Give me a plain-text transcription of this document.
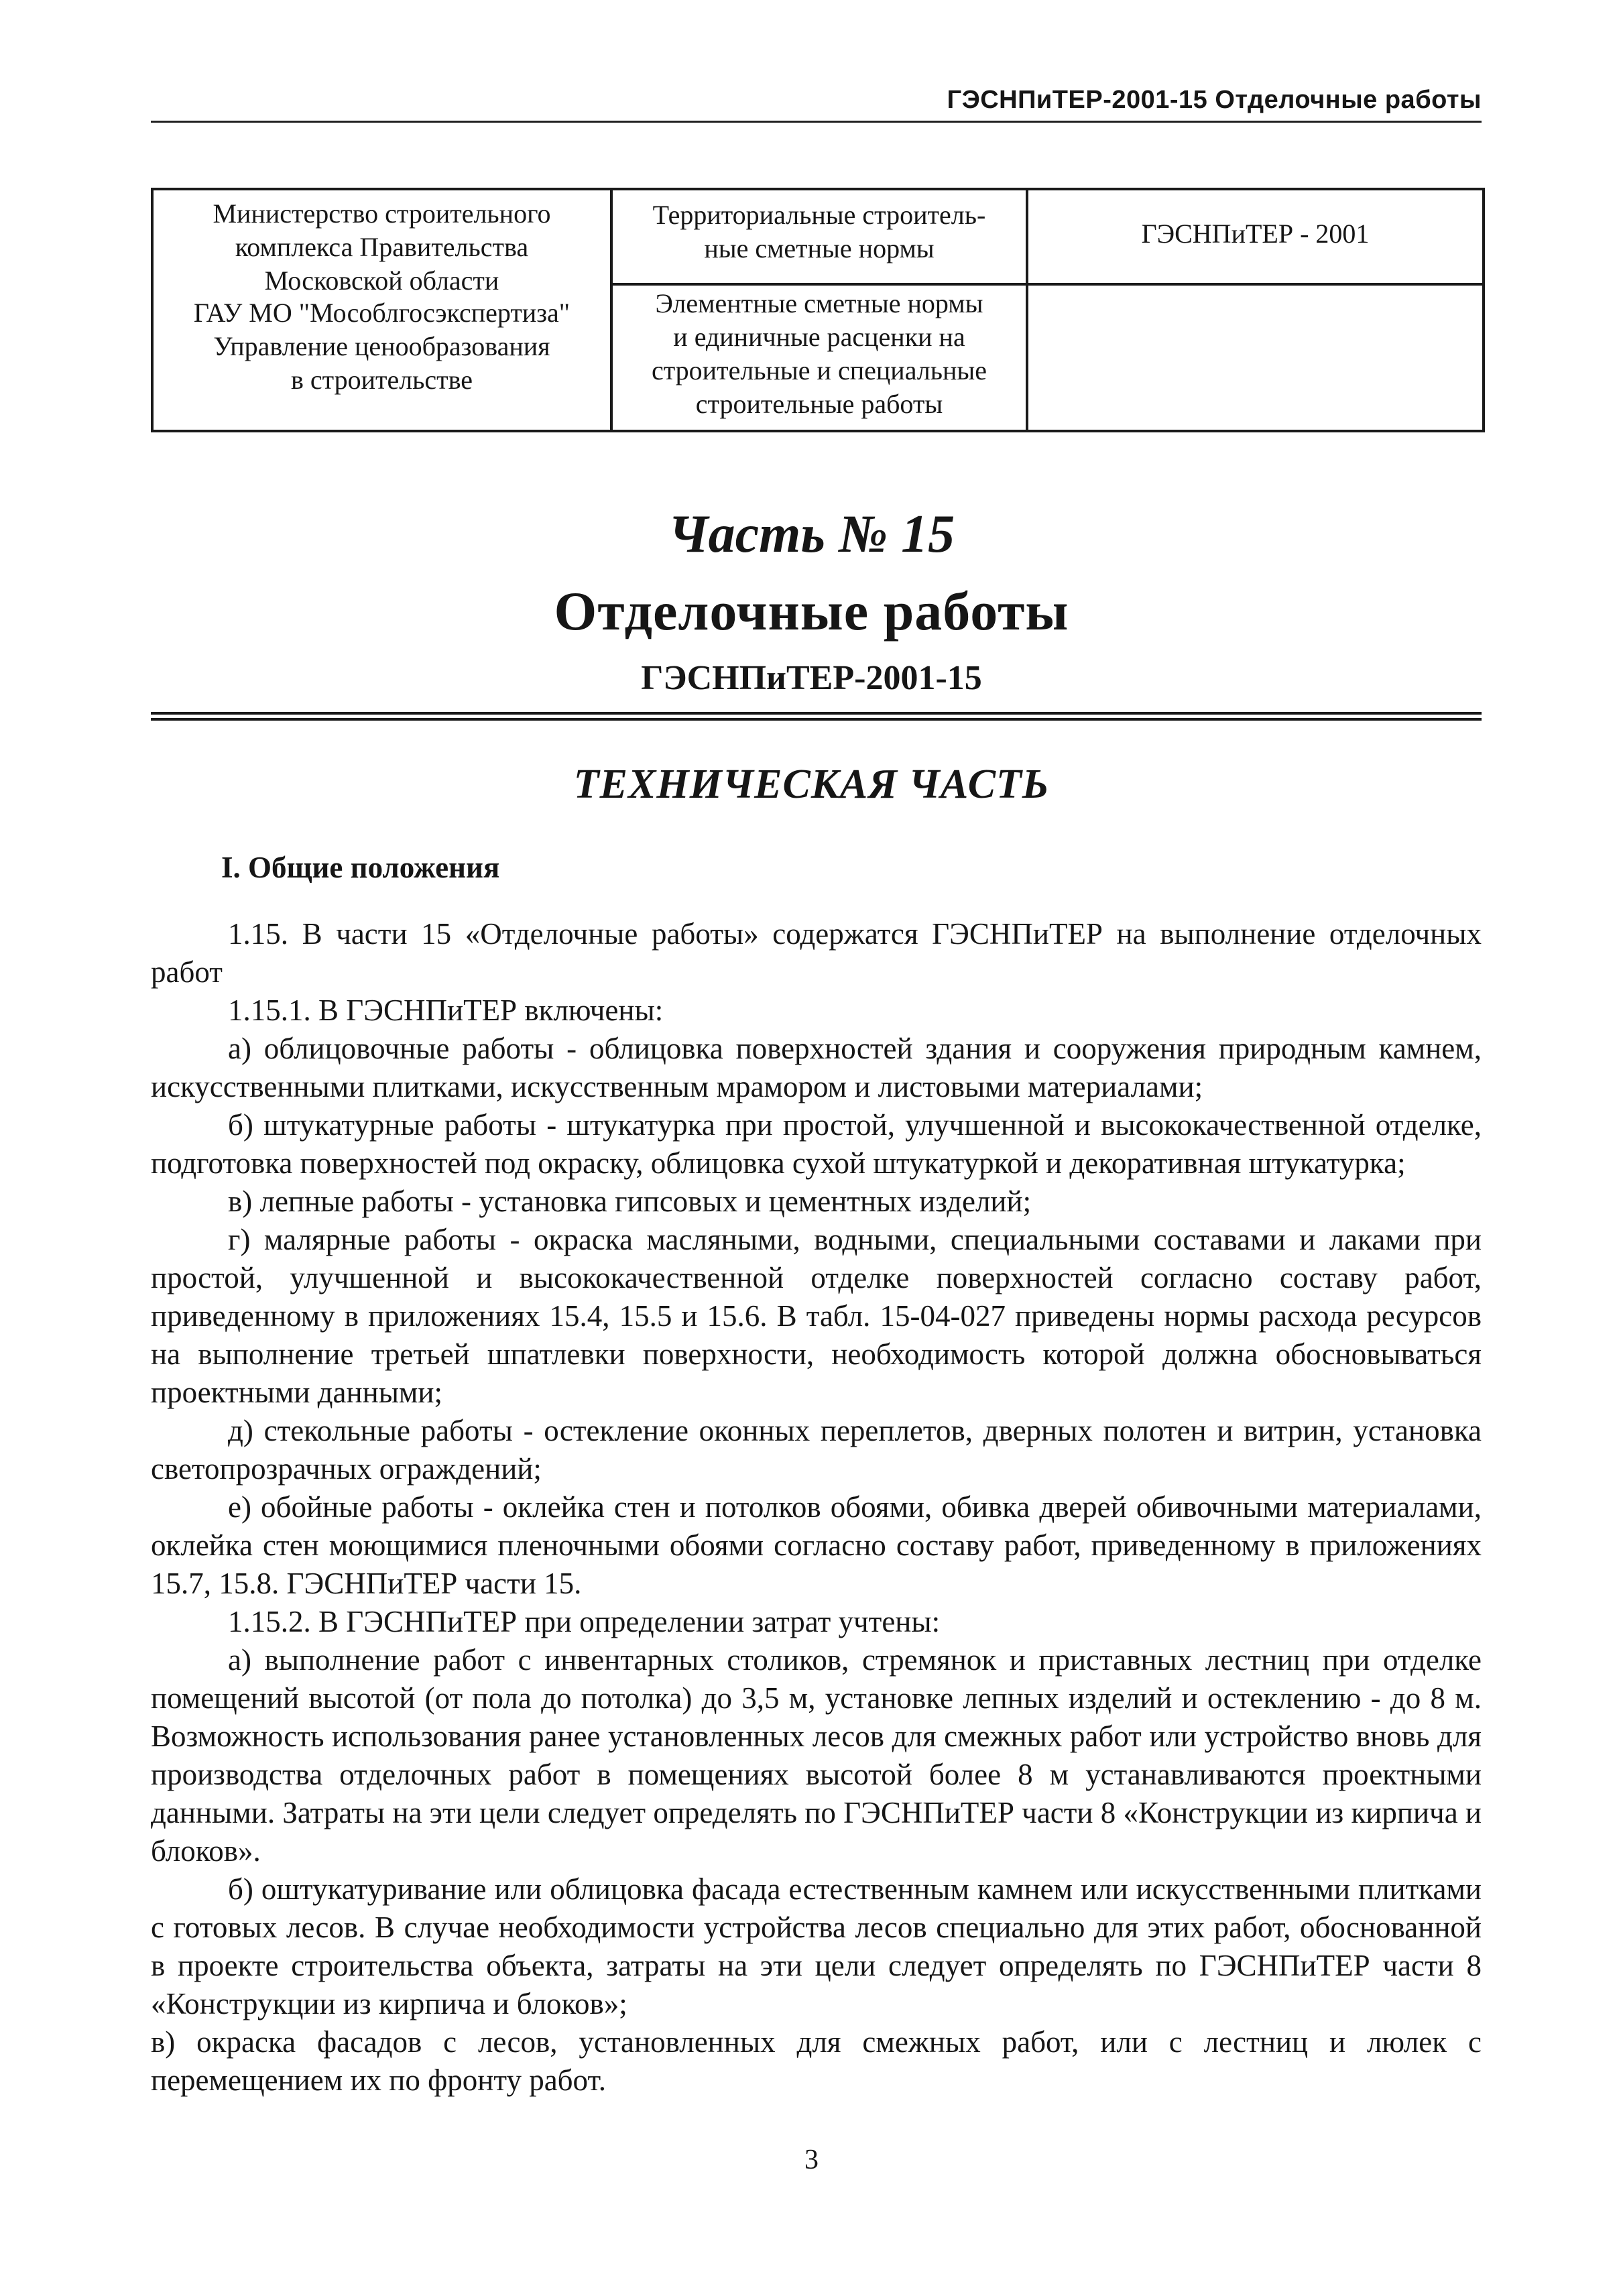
ГЭСНПиТЕР-2001-15 Отделочные работы
Министерство строительного
комплекса Правительства
Московской области
ГАУ МО "Мособлгосэкспертиза"
Управление ценообразования
в строительстве
Территориальные строитель-
ные сметные нормы
Элементные сметные нормы
и единичные расценки на
строительные и специальные
строительные работы
ГЭСНПиТЕР - 2001
Часть № 15
Отделочные работы
ГЭСНПиТЕР-2001-15
ТЕХНИЧЕСКАЯ ЧАСТЬ
I. Общие положения

1.15. В части 15 «Отделочные работы» содержатся ГЭСНПиТЕР на выполнение отделочных работ

1.15.1. В ГЭСНПиТЕР включены:

а) облицовочные работы - облицовка поверхностей здания и сооружения природным камнем, искусственными плитками, искусственным мрамором и листовыми материалами;

б) штукатурные работы - штукатурка при простой, улучшенной и высококачественной отделке, подготовка поверхностей под окраску, облицовка сухой штукатуркой и декоративная штукатурка;

в) лепные работы - установка гипсовых и цементных изделий;

г) малярные работы - окраска масляными, водными, специальными составами и лаками при простой, улучшенной и высококачественной отделке поверхностей согласно составу работ, приведенному в приложениях 15.4, 15.5 и 15.6. В табл. 15-04-027 приведены нормы расхода ресурсов на выполнение третьей шпатлевки поверхности, необходимость которой должна обосновываться проектными данными;

д) стекольные работы - остекление оконных переплетов, дверных полотен и витрин, установка светопрозрачных ограждений;

е) обойные работы - оклейка стен и потолков обоями, обивка дверей обивочными материалами, оклейка стен моющимися пленочными обоями согласно составу работ, приведенному в приложениях 15.7, 15.8. ГЭСНПиТЕР части 15.

1.15.2. В ГЭСНПиТЕР при определении затрат учтены:

а) выполнение работ с инвентарных столиков, стремянок и приставных лестниц при отделке помещений высотой (от пола до потолка) до 3,5 м, установке лепных изделий и остеклению - до 8 м. Возможность использования ранее установленных лесов для смежных работ или устройство вновь для производства отделочных работ в помещениях высотой более 8 м устанавливаются проектными данными. Затраты на эти цели следует определять по ГЭСНПиТЕР части 8 «Конструкции из кирпича и блоков».

б) оштукатуривание или облицовка фасада естественным камнем или искусственными плитками с готовых лесов. В случае необходимости устройства лесов специально для этих работ, обоснованной в проекте строительства объекта, затраты на эти цели следует определять по ГЭСНПиТЕР части 8 «Конструкции из кирпича и блоков»;

в) окраска фасадов с лесов, установленных для смежных работ, или с лестниц и люлек с перемещением их по фронту работ.

3
